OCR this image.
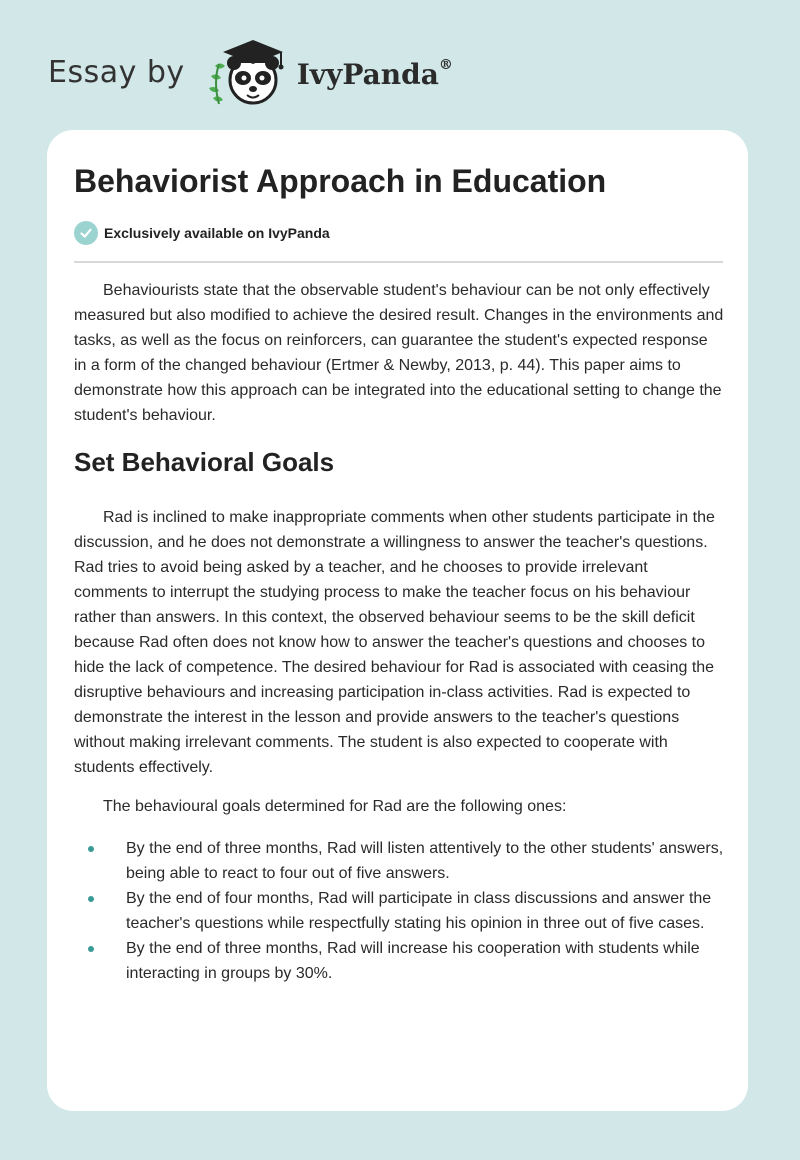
Essay by	IvyPanda®
Behaviorist Approach in Education
Exclusively available on IvyPanda

Behaviourists state that the observable student's behaviour can be not only effectively measured but also modified to achieve the desired result. Changes in the environments and tasks, as well as the focus on reinforcers, can guarantee the student's expected response in a form of the changed behaviour (Ertmer & Newby, 2013, p. 44). This paper aims to demonstrate how this approach can be integrated into the educational setting to change the student's behaviour.

Set Behavioral Goals

Rad is inclined to make inappropriate comments when other students participate in the discussion, and he does not demonstrate a willingness to answer the teacher's questions. Rad tries to avoid being asked by a teacher, and he chooses to provide irrelevant comments to interrupt the studying process to make the teacher focus on his behaviour rather than answers. In this context, the observed behaviour seems to be the skill deficit because Rad often does not know how to answer the teacher's questions and chooses to hide the lack of competence. The desired behaviour for Rad is associated with ceasing the disruptive behaviours and increasing participation in-class activities. Rad is expected to demonstrate the interest in the lesson and provide answers to the teacher's questions without making irrelevant comments. The student is also expected to cooperate with students effectively.

The behavioural goals determined for Rad are the following ones:

By the end of three months, Rad will listen attentively to the other students' answers, being able to react to four out of five answers.
By the end of four months, Rad will participate in class discussions and answer the teacher's questions while respectfully stating his opinion in three out of five cases.
By the end of three months, Rad will increase his cooperation with students while interacting in groups by 30%.
